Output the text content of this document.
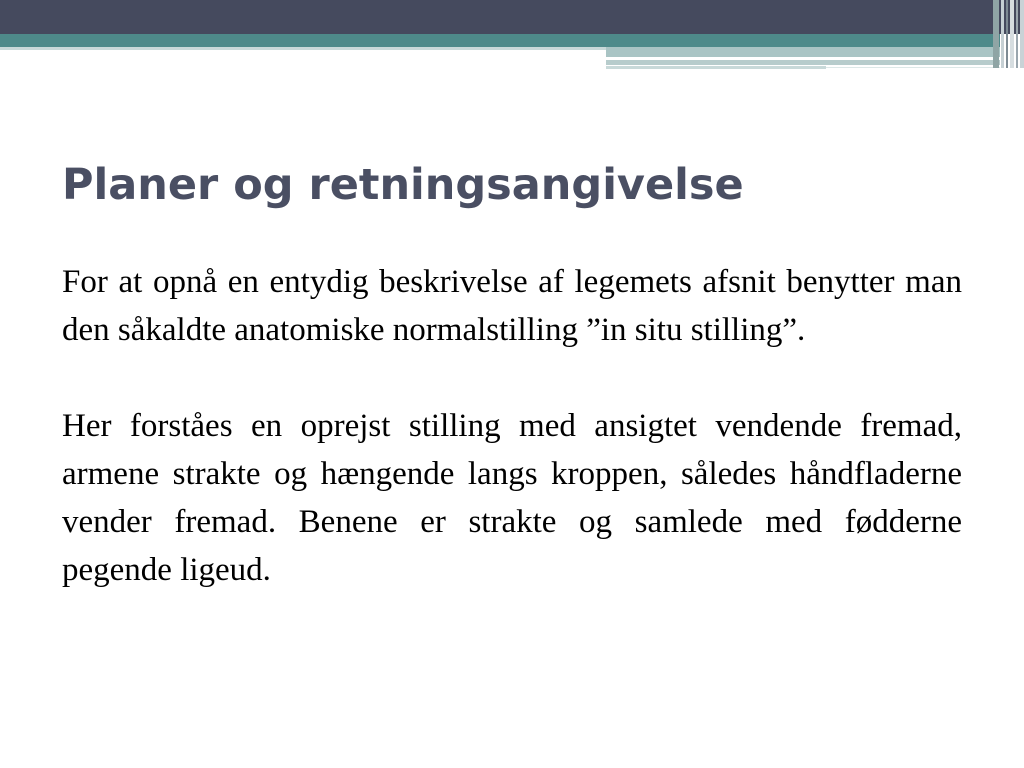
Planer og retningsangivelse

For at opnå en entydig beskrivelse af legemets afsnit benytter man den såkaldte anatomiske normalstilling ”in situ stilling”.

Her forståes en oprejst stilling med ansigtet vendende fremad, armene strakte og hængende langs kroppen, således håndfladerne vender fremad. Benene er strakte og samlede med fødderne pegende ligeud.
